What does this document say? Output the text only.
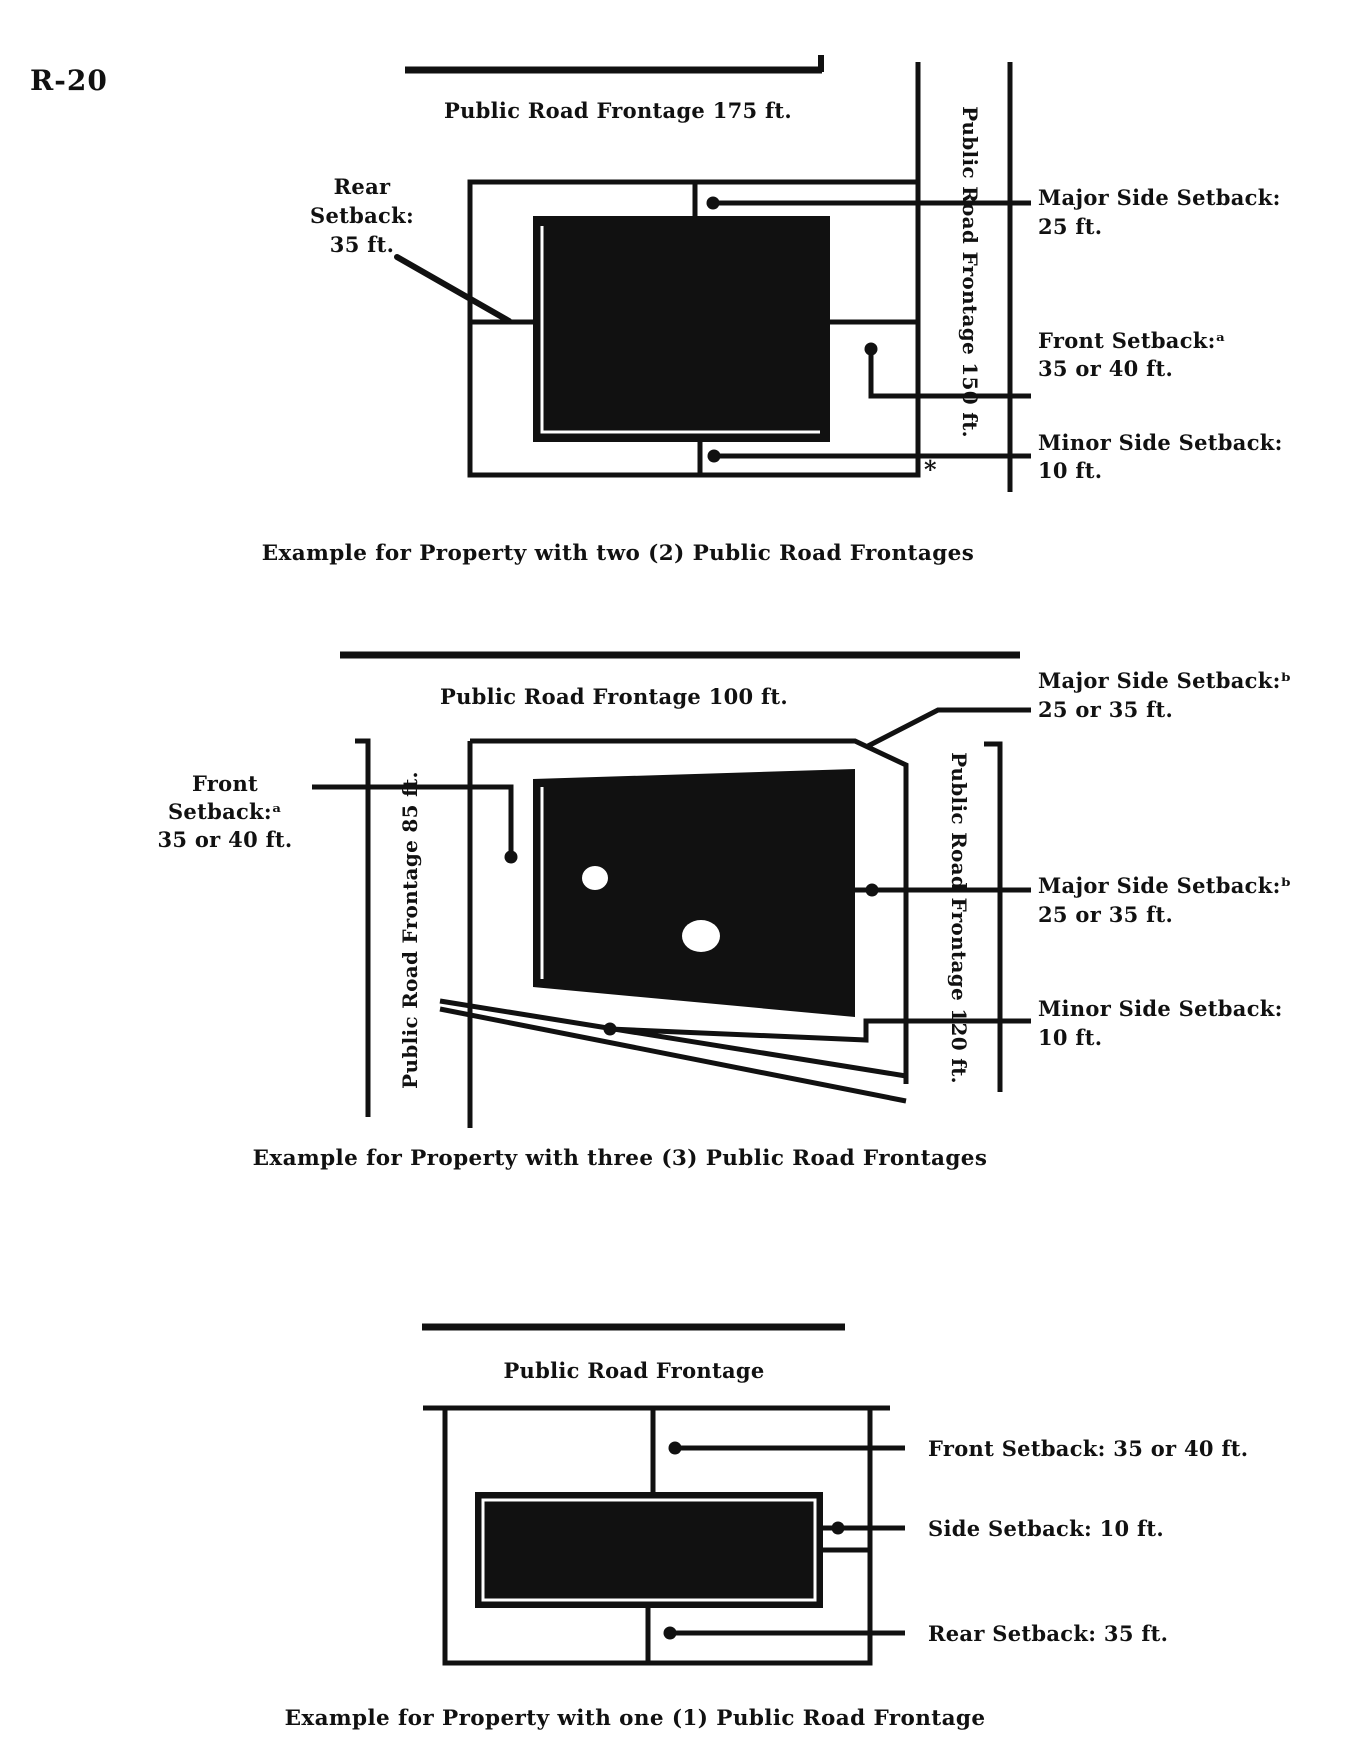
R-20
Public Road Frontage 175 ft.	Public Road Frontage 150 ft.
*
Rear
Setback:
35 ft.
Major Side Setback:
25 ft.
Front Setback:ᵃ
35 or 40 ft.
Minor Side Setback:
10 ft.
Example for Property with two (2) Public Road Frontages
Public Road Frontage 100 ft.
Public Road Frontage 85 ft.	Public Road Frontage 120 ft.
Front
Setback:ᵃ
35 or 40 ft.
Major Side Setback:ᵇ
25 or 35 ft.
Major Side Setback:ᵇ
25 or 35 ft.
Minor Side Setback:
10 ft.
Example for Property with three (3) Public Road Frontages
Public Road Frontage
Front Setback: 35 or 40 ft.
Side Setback: 10 ft.
Rear Setback: 35 ft.
Example for Property with one (1) Public Road Frontage
